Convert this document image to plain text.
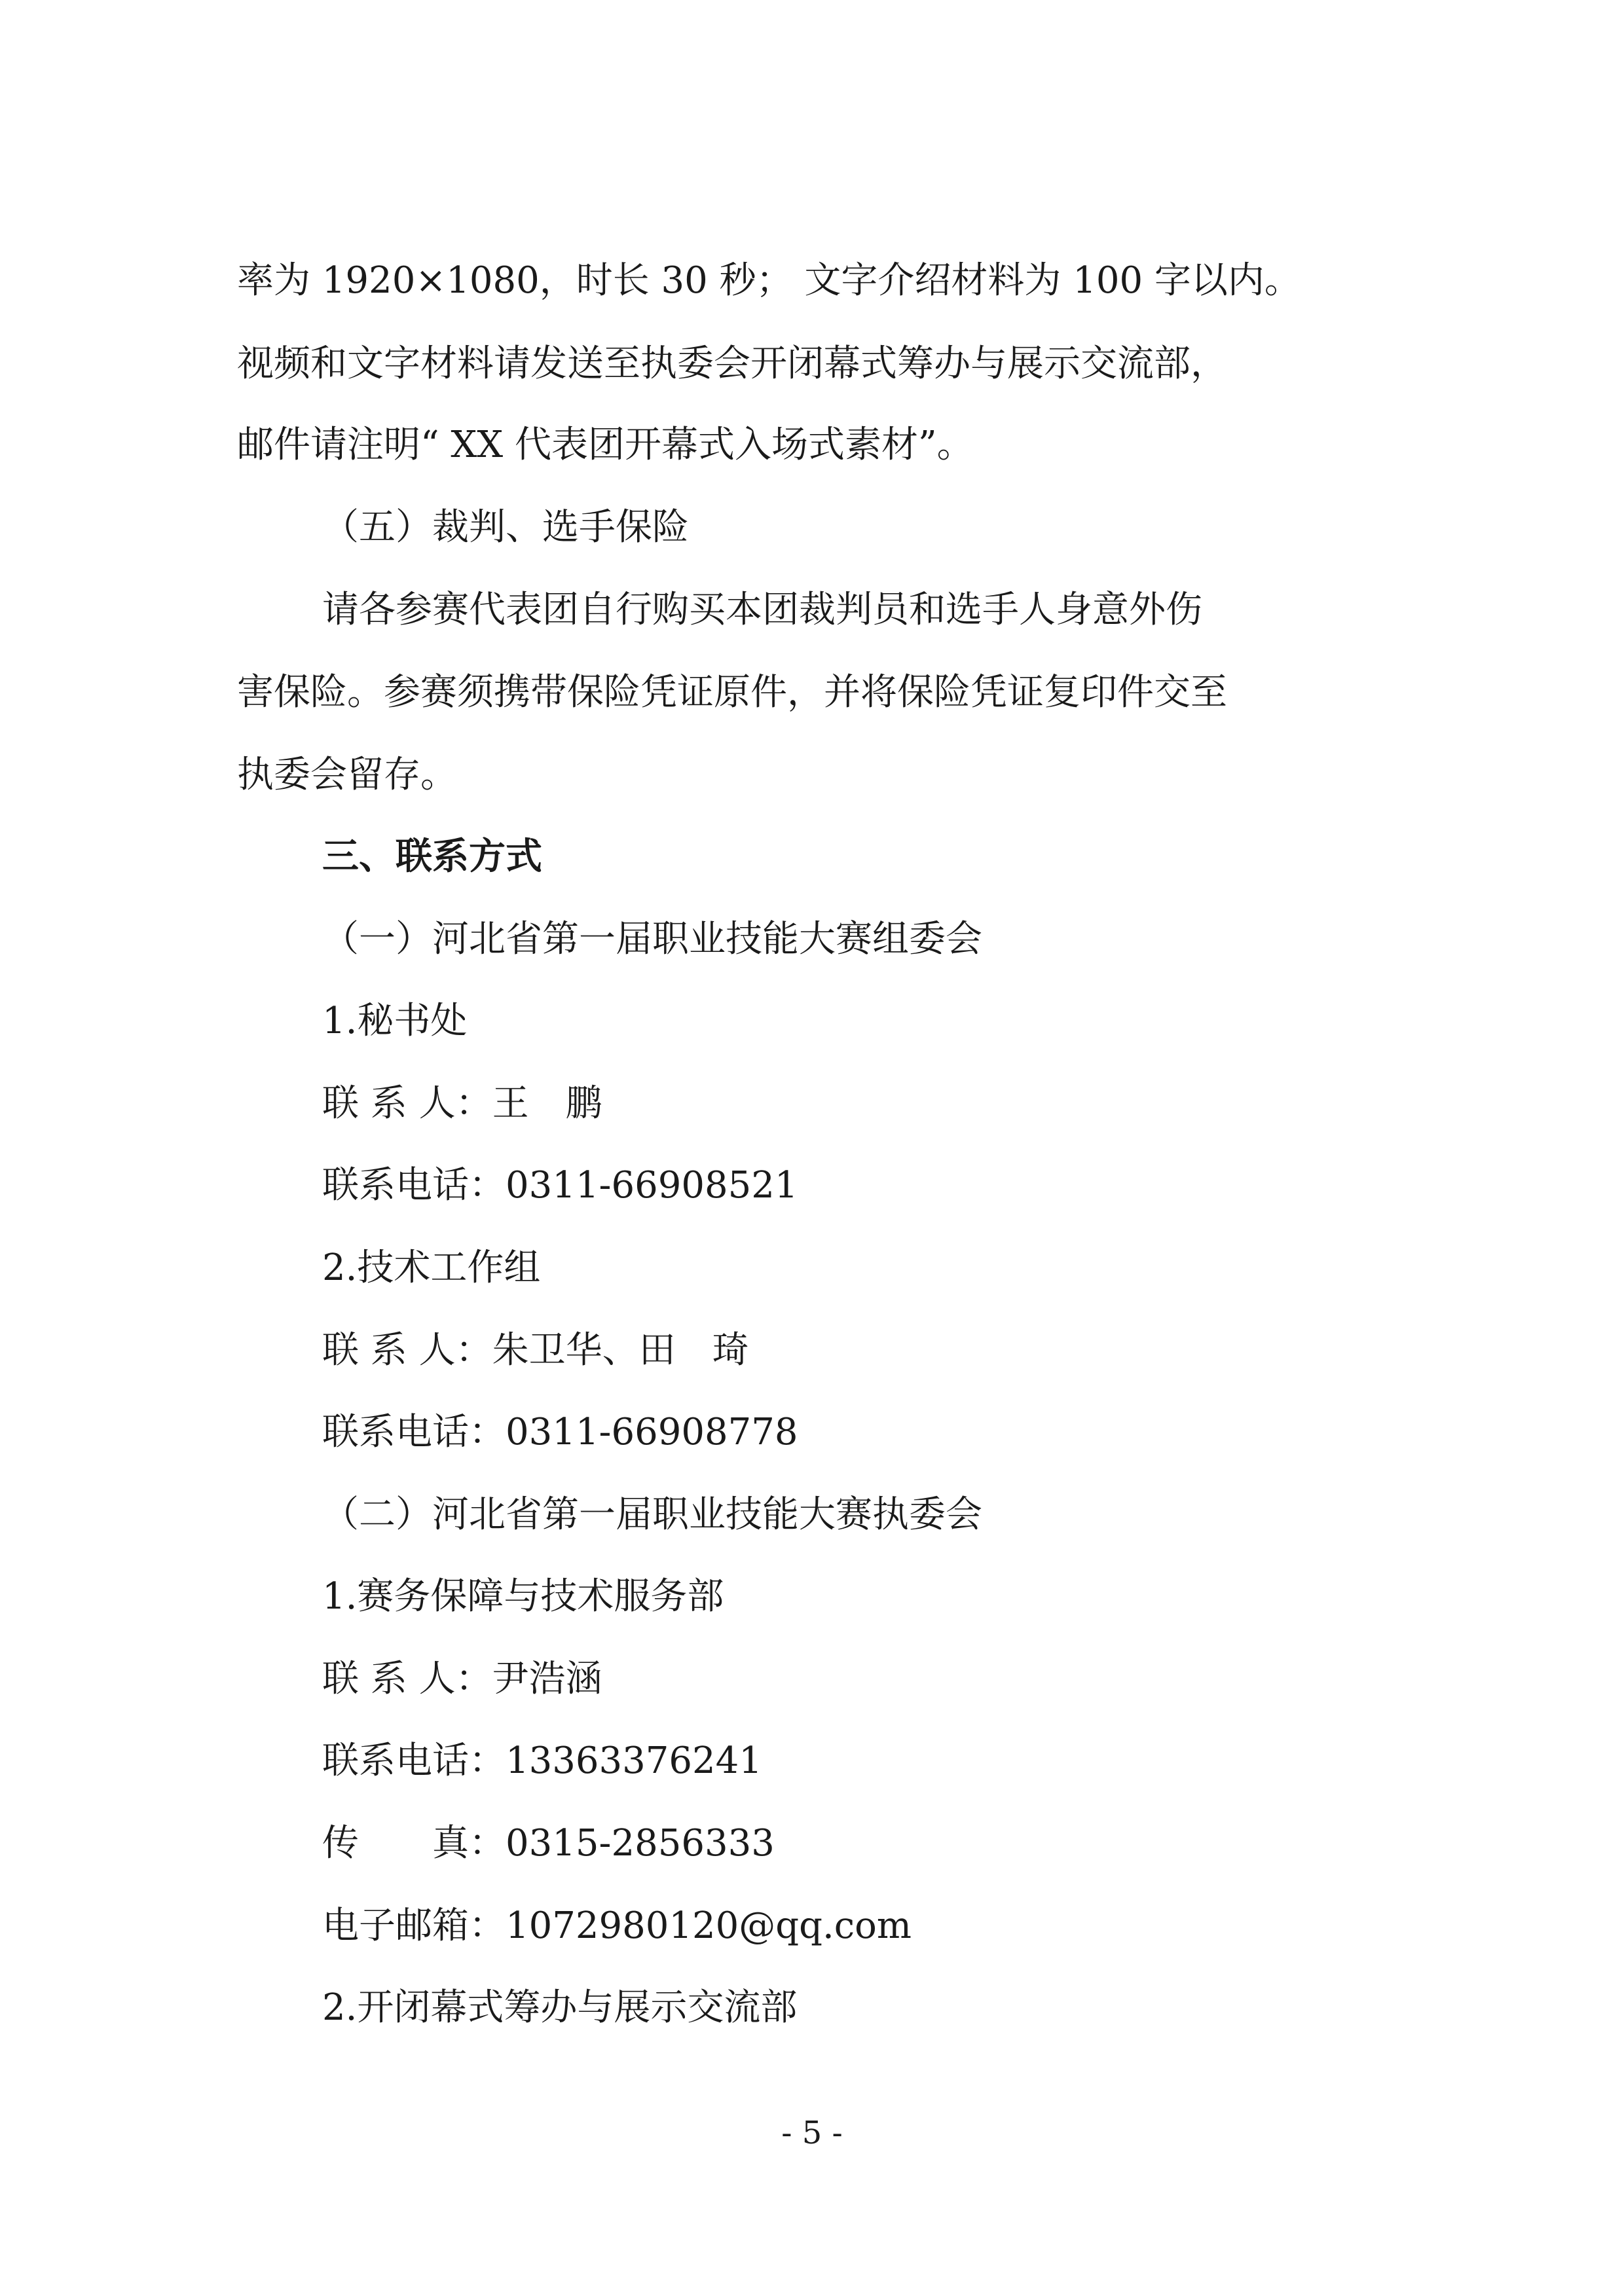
率为 1920×1080，时长 30 秒； 文字介绍材料为 100 字以内。
视频和文字材料请发送至执委会开闭幕式筹办与展示交流部，
邮件请注明“ XX 代表团开幕式入场式素材”。
（五）裁判、选手保险
请各参赛代表团自行购买本团裁判员和选手人身意外伤
害保险。参赛须携带保险凭证原件，并将保险凭证复印件交至
执委会留存。
三、联系方式
（一）河北省第一届职业技能大赛组委会
1.秘书处
联 系 人：王　鹏
联系电话：0311-66908521
2.技术工作组
联 系 人：朱卫华、田　琦
联系电话：0311-66908778
（二）河北省第一届职业技能大赛执委会
1.赛务保障与技术服务部
联 系 人：尹浩涵
联系电话：13363376241
传　　真：0315-2856333
电子邮箱：1072980120@qq.com
2.开闭幕式筹办与展示交流部
- 5 -
